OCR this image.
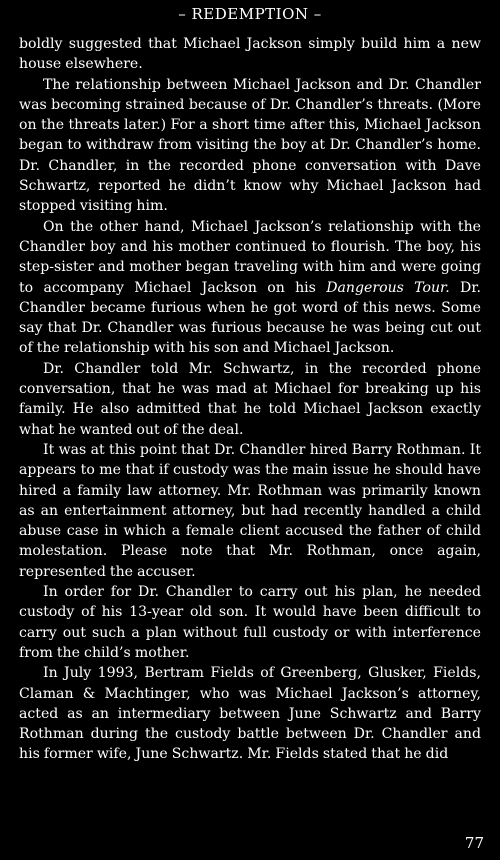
– REDEMPTION –

boldly suggested that Michael Jackson simply build him a new house elsewhere.

The relationship between Michael Jackson and Dr. Chandler was becoming strained because of Dr. Chandler’s threats. (More on the threats later.) For a short time after this, Michael Jackson began to withdraw from visiting the boy at Dr. Chandler’s home. Dr. Chandler, in the recorded phone conversation with Dave Schwartz, reported he didn’t know why Michael Jackson had stopped visiting him.

On the other hand, Michael Jackson’s relationship with the Chandler boy and his mother continued to flourish. The boy, his step-sister and mother began traveling with him and were going to accompany Michael Jackson on his Dangerous Tour. Dr. Chandler became furious when he got word of this news. Some say that Dr. Chandler was furious because he was being cut out of the relationship with his son and Michael Jackson.

Dr. Chandler told Mr. Schwartz, in the recorded phone conversation, that he was mad at Michael for breaking up his family. He also admitted that he told Michael Jackson exactly what he wanted out of the deal.

It was at this point that Dr. Chandler hired Barry Rothman. It appears to me that if custody was the main issue he should have hired a family law attorney. Mr. Rothman was primarily known as an entertainment attorney, but had recently handled a child abuse case in which a female client accused the father of child molestation. Please note that Mr. Rothman, once again, represented the accuser.

In order for Dr. Chandler to carry out his plan, he needed custody of his 13-year old son. It would have been difficult to carry out such a plan without full custody or with interference from the child’s mother.

In July 1993, Bertram Fields of Greenberg, Glusker, Fields, Claman & Machtinger, who was Michael Jackson’s attorney, acted as an intermediary between June Schwartz and Barry Rothman during the custody battle between Dr. Chandler and his former wife, June Schwartz. Mr. Fields stated that he did

77
